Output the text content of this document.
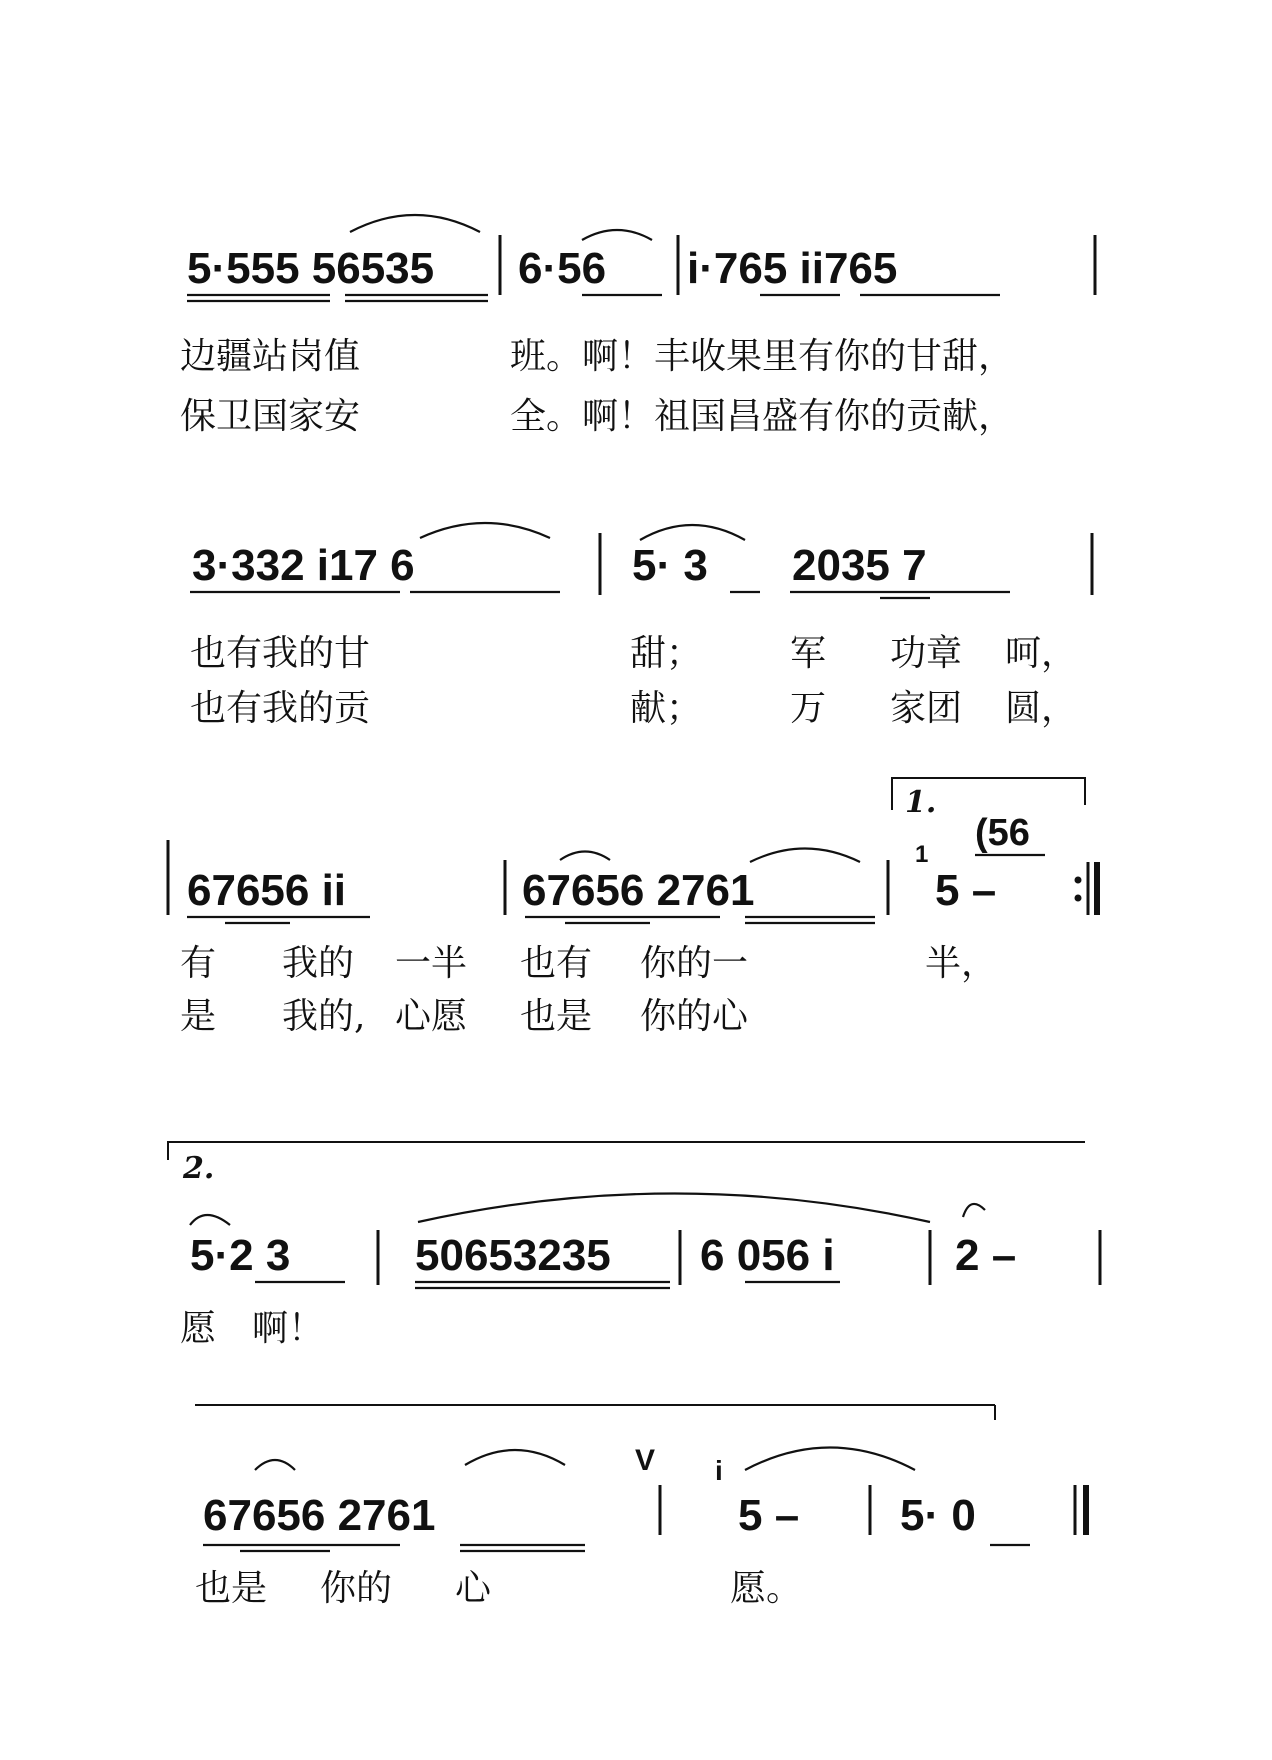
5·555 56535 6·56 i·765 ii765
边疆站岗值	班。啊！丰收果里有你的甘甜，
保卫国家安	全。啊！祖国昌盛有你的贡献，
3·332 i17 6	5· 3 2035 7
也有我的甘	甜； 军 功章 呵，
也有我的贡	献； 万 家团 圆，
1.
(56
1
67656 ii	67656 2761	5 –
有 我的 一半 也有 你的一	半，
是 我的, 心愿 也是 你的心
2.
5·2 3	50653235 6 056 i	2 –
愿 啊！
67656 2761	5 – 5· 0
V i
也是 你的 心	愿。
